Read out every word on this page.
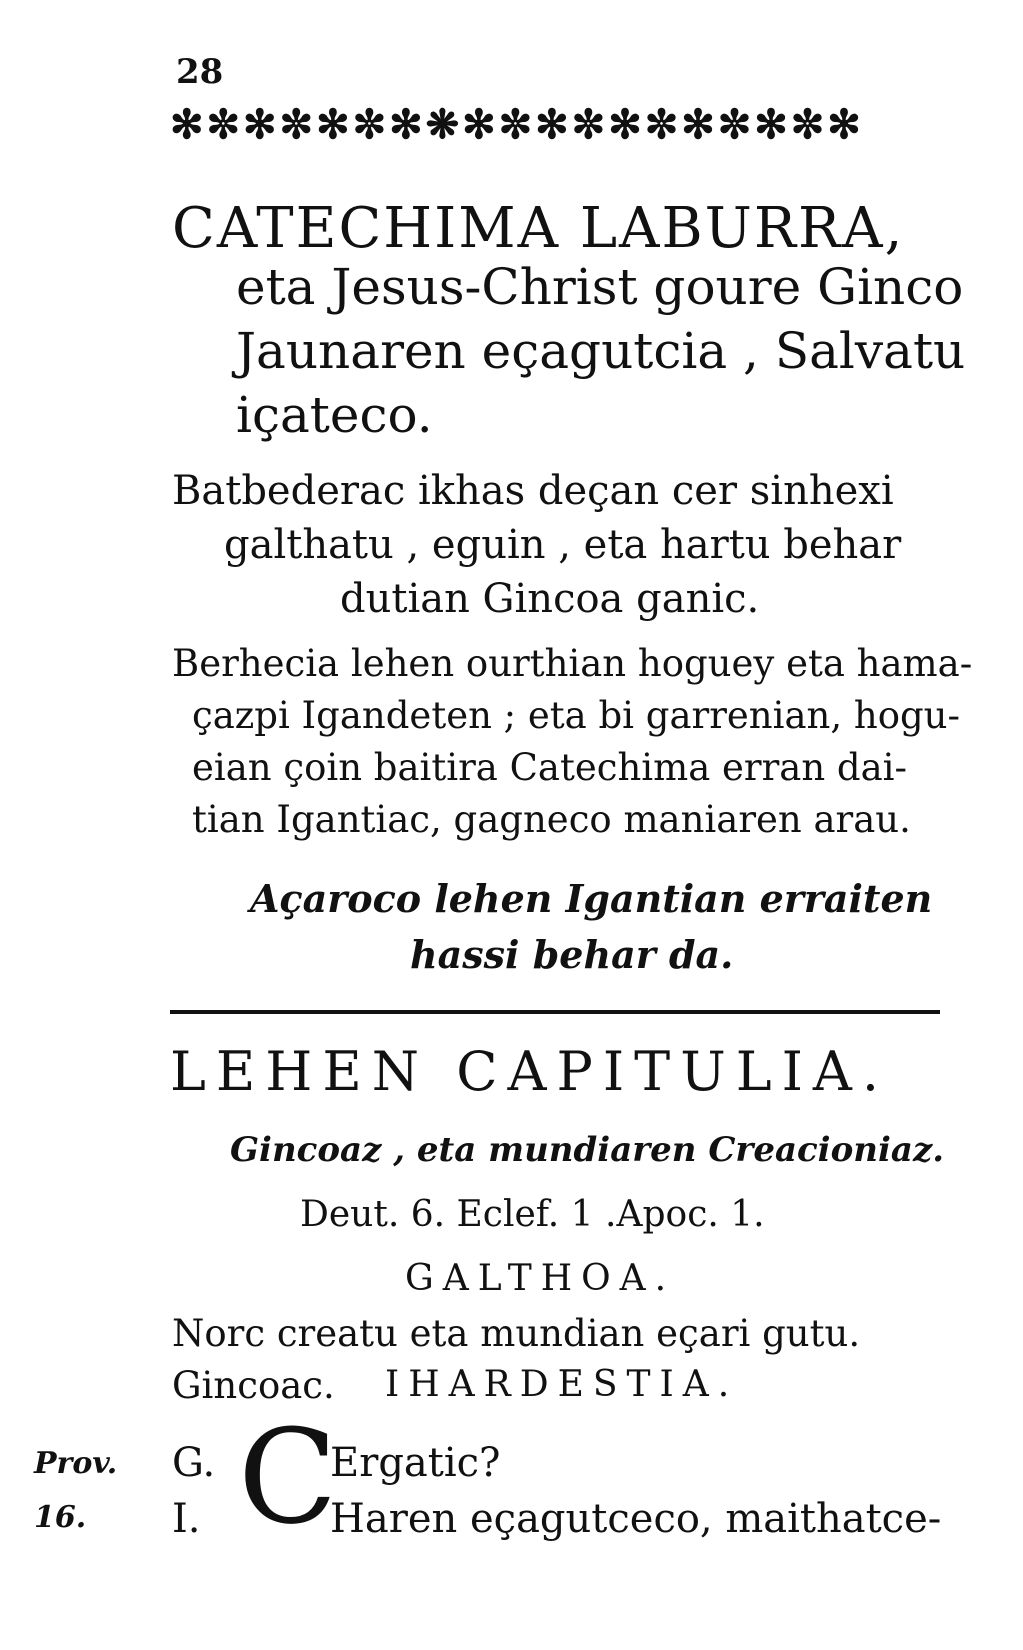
28
✻✼✻✼✻✼✻❋✻✼✻✼✻✼✻✼✻✼✻
CATECHIMA LABURRA,
eta Jesus-Christ goure Ginco
Jaunaren eçagutcia , Salvatu
içateco.
Batbederac ikhas deçan cer sinhexi
galthatu , eguin , eta hartu behar
dutian Gincoa ganic.
Berhecia lehen ourthian hoguey eta hama-
çazpi Igandeten ; eta bi garrenian, hogu-
eian çoin baitira Catechima erran dai-
tian Igantiac, gagneco maniaren arau.
Açaroco lehen Igantian erraiten
hassi behar da.
LEHEN CAPITULIA.
Gincoaz , eta mundiaren Creacioniaz.
Deut. 6. Eclef. 1 .Apoc. 1.
GALTHOA.
Norc creatu eta mundian eçari gutu.
Gincoac. IHARDESTIA.
Prov.
16.
G. C
Ergatic?
I.	Haren eçagutceco, maithatce-
